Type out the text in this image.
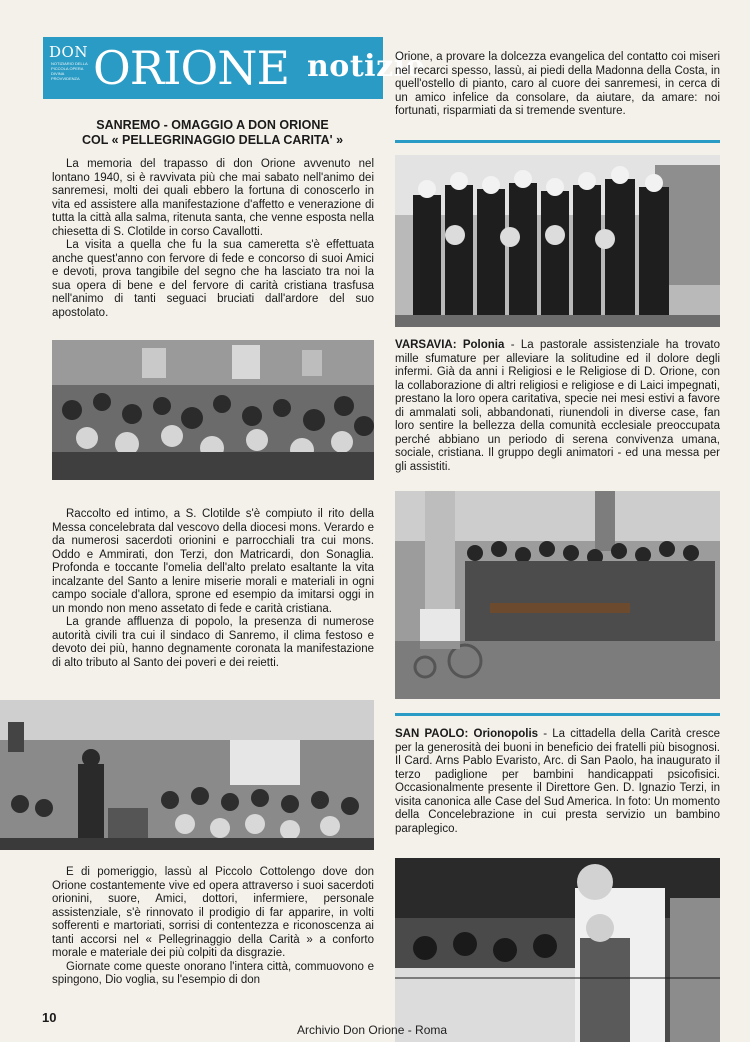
DON
NOTIZIARIO DELLA PICCOLA OPERA DIVINA PROVVIDENZA ORIONE notizie
SANREMO - OMAGGIO A DON ORIONE
COL « PELLEGRINAGGIO DELLA CARITA' »

La memoria del trapasso di don Orione avvenuto nel lontano 1940, si è ravvivata più che mai sabato nell'animo dei sanremesi, molti dei quali ebbero la fortuna di conoscerlo in vita ed assistere alla manifestazione d'affetto e venerazione di tutta la città alla salma, ritenuta santa, che venne esposta nella chiesetta di S. Clotilde in corso Cavallotti.

La visita a quella che fu la sua cameretta s'è effettuata anche quest'anno con fervore di fede e concorso di suoi Amici e devoti, prova tangibile del segno che ha lasciato tra noi la sua opera di bene e del fervore di carità cristiana trasfusa nell'animo di tanti seguaci bruciati dall'ardore del suo apostolato.

Raccolto ed intimo, a S. Clotilde s'è compiuto il rito della Messa concelebrata dal vescovo della diocesi mons. Verardo e da numerosi sacerdoti orionini e parrocchiali tra cui mons. Oddo e Ammirati, don Terzi, don Matricardi, don Sonaglia. Profonda e toccante l'omelia dell'alto prelato esaltante la vita incalzante del Santo a lenire miserie morali e materiali in ogni campo sociale d'allora, sprone ed esempio da imitarsi oggi in un mondo non meno assetato di fede e carità cristiana.

La grande affluenza di popolo, la presenza di numerose autorità civili tra cui il sindaco di Sanremo, il clima festoso e devoto dei più, hanno degnamente coronata la manifestazione di alto tributo al Santo dei poveri e dei reietti.

E di pomeriggio, lassù al Piccolo Cottolengo dove don Orione costantemente vive ed opera attraverso i suoi sacerdoti orionini, suore, Amici, dottori, infermiere, personale assistenziale, s'è rinnovato il prodigio di far apparire, in volti sofferenti e martoriati, sorrisi di contentezza e riconoscenza ai tanti accorsi nel « Pellegrinaggio della Carità » a conforto morale e materiale dei più colpiti da disgrazie.

Giornate come queste onorano l'intera città, commuovono e spingono, Dio voglia, su l'esempio di don

Orione, a provare la dolcezza evangelica del contatto coi miseri nel recarci spesso, lassù, ai piedi della Madonna della Costa, in quell'ostello di pianto, caro al cuore dei sanremesi, in cerca di un amico infelice da consolare, da aiutare, da amare: noi fortunati, risparmiati da si tremende sventure.

VARSAVIA: Polonia - La pastorale assistenziale ha trovato mille sfumature per alleviare la solitudine ed il dolore degli infermi. Già da anni i Religiosi e le Religiose di D. Orione, con la collaborazione di altri religiosi e religiose e di Laici impegnati, prestano la loro opera caritativa, specie nei mesi estivi a favore di ammalati soli, abbandonati, riunendoli in diverse case, fan loro sentire la bellezza della comunità ecclesiale preoccupata perché abbiano un periodo di serena convivenza umana, sociale, cristiana. Il gruppo degli animatori - ed una messa per gli assistiti.

SAN PAOLO: Orionopolis - La cittadella della Carità cresce per la generosità dei buoni in beneficio dei fratelli più bisognosi. Il Card. Arns Pablo Evaristo, Arc. di San Paolo, ha inaugurato il terzo padiglione per bambini handicappati psicofisici. Occasionalmente presente il Direttore Gen. D. Ignazio Terzi, in visita canonica alle Case del Sud America. In foto: Un momento della Concelebrazione in cui presta servizio un bambino paraplegico.

10
Archivio Don Orione - Roma
